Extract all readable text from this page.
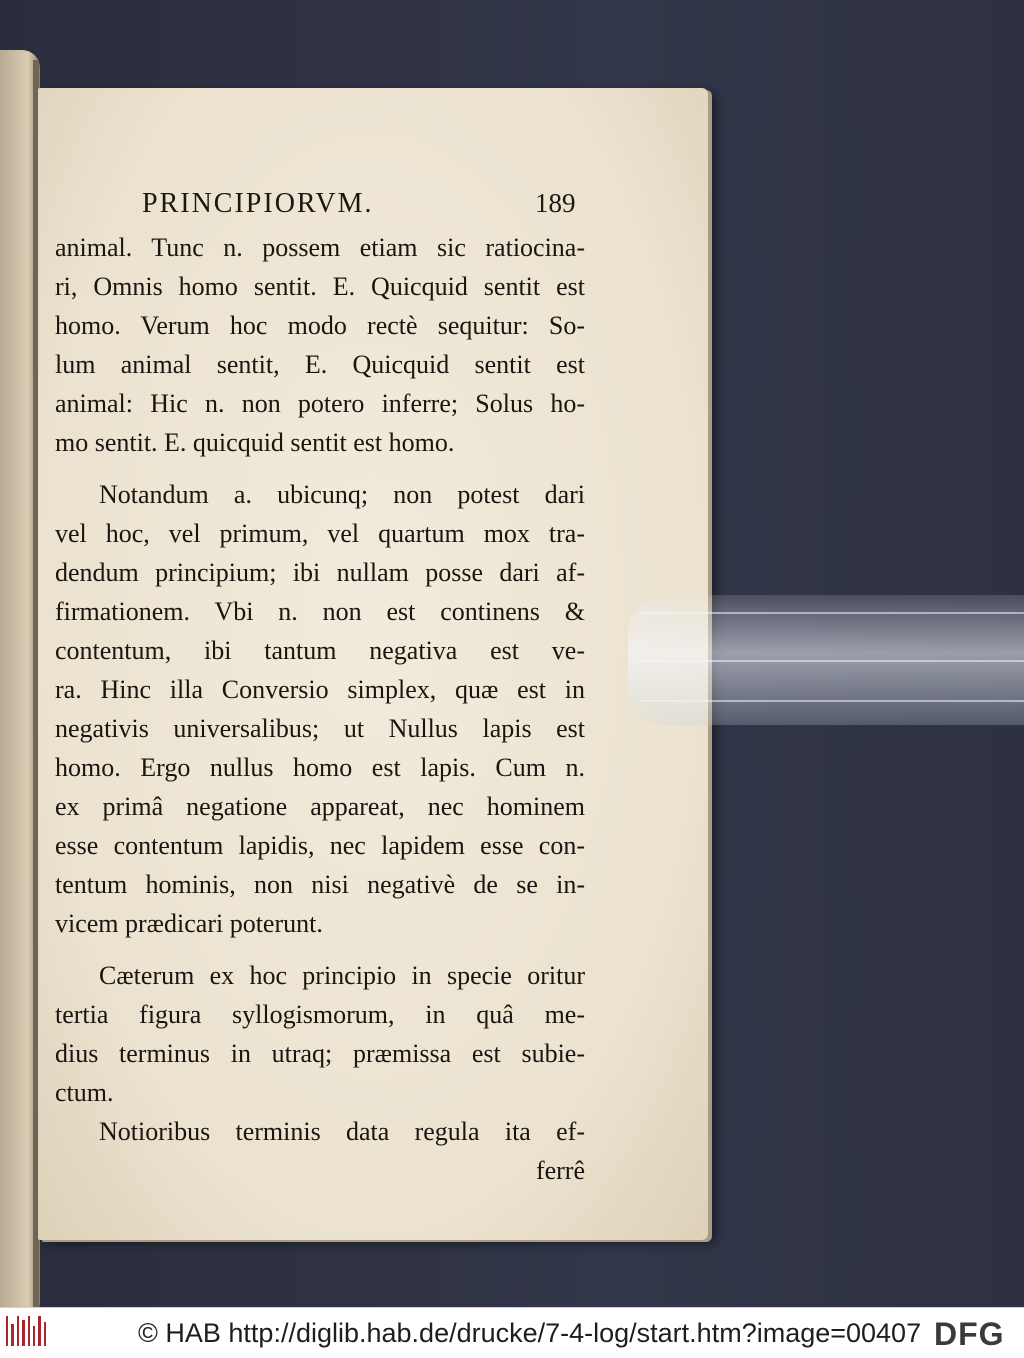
PRINCIPIORVM.	189
animal. Tunc n. possem etiam sic ratiocina-
ri, Omnis homo sentit. E. Quicquid sentit est
homo. Verum hoc modo rectè sequitur: So-
lum animal sentit, E. Quicquid sentit est
animal: Hic n. non potero inferre; Solus ho-
mo sentit. E. quicquid sentit est homo.
Notandum a. ubicunq; non potest dari
vel hoc, vel primum, vel quartum mox tra-
dendum principium; ibi nullam posse dari af-
firmationem. Vbi n. non est continens &
contentum, ibi tantum negativa est ve-
ra. Hinc illa Conversio simplex, quæ est in
negativis universalibus; ut Nullus lapis est
homo. Ergo nullus homo est lapis. Cum n.
ex primâ negatione appareat, nec hominem
esse contentum lapidis, nec lapidem esse con-
tentum hominis, non nisi negativè de se in-
vicem prædicari poterunt.
Cæterum ex hoc principio in specie oritur
tertia figura syllogismorum, in quâ me-
dius terminus in utraq; præmissa est subie-
ctum.
Notioribus terminis data regula ita ef-
ferrê
© HAB http://diglib.hab.de/drucke/7-4-log/start.htm?image=00407 DFG
